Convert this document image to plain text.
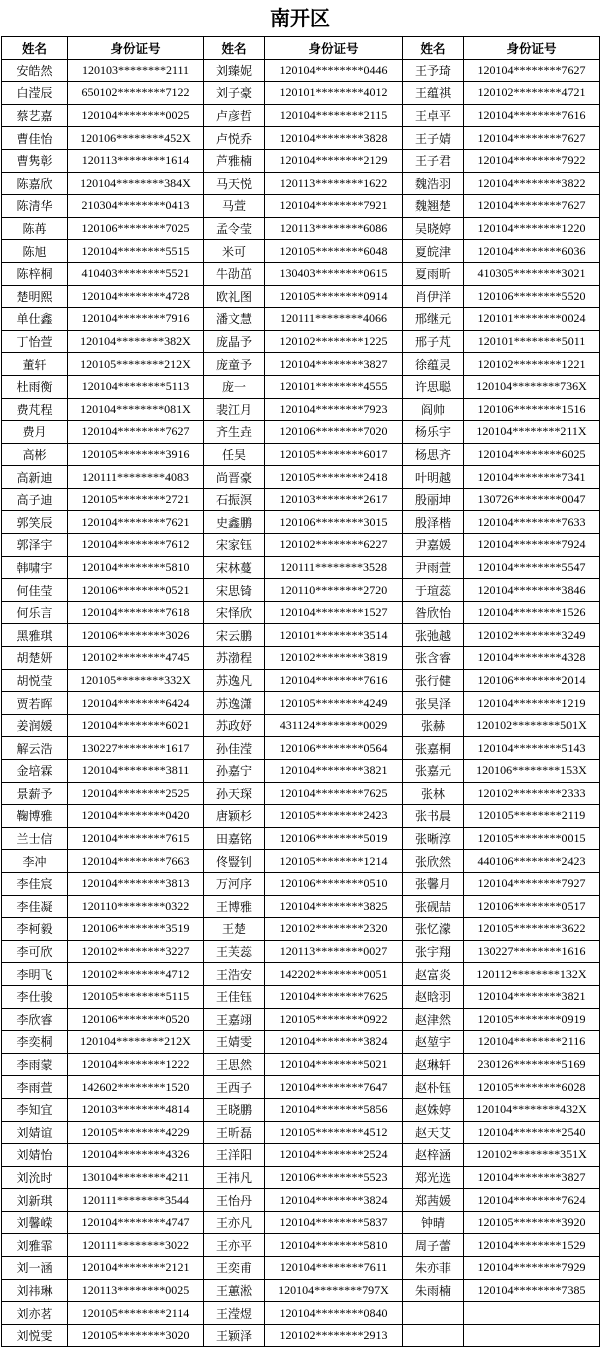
南开区
姓名	身份证号	姓名	身份证号	姓名	身份证号
安皓然	120103********2111	刘臻妮	120104********0446	王予琦	120104********7627
白滢辰	650102********7122	刘子豪	120101********4012	王蕴祺	120102********4721
蔡艺嘉	120104********0025	卢彦哲	120104********2115	王卓平	120104********7616
曹佳怡	120106********452X	卢悦乔	120104********3828	王子婧	120104********7627
曹隽彰	120113********1614	芦雅楠	120104********2129	王子君	120104********7922
陈嘉欣	120104********384X	马天悦	120113********1622	魏浩羽	120104********3822
陈清华	210304********0413	马萱	120104********7921	魏翘楚	120104********7627
陈苒	120106********7025	孟令莹	120113********6086	吴晓婷	120104********1220
陈旭	120104********5515	米可	120105********6048	夏皖津	120104********6036
陈梓桐	410403********5521	牛劭茁	130403********0615	夏雨昕	410305********3021
楚明熙	120104********4728	欧礼图	120105********0914	肖伊洋	120106********5520
单仕鑫	120104********7916	潘文慧	120111********4066	邢继元	120101********0024
丁怡萱	120104********382X	庞晶予	120102********1225	邢子芃	120101********5011
董轩	120105********212X	庞童予	120104********3827	徐蕴灵	120102********1221
杜雨衡	120104********5113	庞一	120101********4555	许思聪	120104********736X
费芃程	120104********081X	裴江月	120104********7923	阎帅	120106********1516
费月	120104********7627	齐生垚	120106********7020	杨乐宇	120104********211X
高彬	120105********3916	任昊	120105********6017	杨思齐	120104********6025
高新迪	120111********4083	尚晋豪	120105********2418	叶明越	120104********7341
高子迪	120105********2721	石振溟	120103********2617	殷丽坤	130726********0047
郭笑辰	120104********7621	史鑫鹏	120106********3015	殷泽楷	120104********7633
郭泽宇	120104********7612	宋家钰	120102********6227	尹嘉媛	120104********7924
韩啸宇	120104********5810	宋林蔓	120111********3528	尹雨萱	120104********5547
何佳莹	120106********0521	宋思锜	120110********2720	于瑄蕊	120104********3846
何乐言	120104********7618	宋怿欣	120104********1527	昝欣怡	120104********1526
黑雅琪	120106********3026	宋云鹏	120101********3514	张弛越	120102********3249
胡楚妍	120102********4745	苏渤程	120102********3819	张含睿	120104********4328
胡悦莹	120105********332X	苏逸凡	120104********7616	张行健	120106********2014
贾若晖	120104********6424	苏逸潇	120105********4249	张昊泽	120104********1219
姜润媛	120104********6021	苏政妤	431124********0029	张赫	120102********501X
解云浩	130227********1617	孙佳滢	120106********0564	张嘉桐	120104********5143
金培霖	120104********3811	孙嘉宁	120104********3821	张嘉元	120106********153X
景薪予	120104********2525	孙天琛	120104********7625	张林	120102********2333
鞠博雅	120104********0420	唐颖杉	120105********2423	张书晨	120105********2119
兰士信	120104********7615	田嘉铭	120106********5019	张晰淳	120105********0015
李冲	120104********7663	佟豎钊	120105********1214	张欣然	440106********2423
李佳宸	120104********3813	万河序	120106********0510	张馨月	120104********7927
李佳凝	120110********0322	王博雅	120104********3825	张砚喆	120106********0517
李柯毅	120106********3519	王楚	120102********2320	张忆濛	120105********3622
李可欣	120102********3227	王芙蕊	120113********0027	张宇翔	130227********1616
李明飞	120102********4712	王浩安	142202********0051	赵富炎	120112********132X
李仕骏	120105********5115	王佳钰	120104********7625	赵晗羽	120104********3821
李欣睿	120106********0520	王嘉翊	120105********0922	赵津然	120105********0919
李奕桐	120104********212X	王婧雯	120104********3824	赵堃宇	120104********2116
李雨蒙	120104********1222	王思然	120104********5021	赵琳轩	230126********5169
李雨萱	142602********1520	王西子	120104********7647	赵朴钰	120105********6028
李知宜	120103********4814	王晓鹏	120104********5856	赵姝婷	120104********432X
刘婧谊	120105********4229	王昕磊	120105********4512	赵天艾	120104********2540
刘婧怡	120104********4326	王洋阳	120104********2524	赵梓涵	120102********351X
刘沇时	130104********4211	王祎凡	120106********5523	郑光选	120104********3827
刘新琪	120111********3544	王怡丹	120104********3824	郑茜媛	120104********7624
刘馨嵘	120104********4747	王亦凡	120104********5837	钟晴	120105********3920
刘雅霏	120111********3022	王亦平	120104********5810	周子蕾	120104********1529
刘一涵	120104********2121	王奕甫	120104********7611	朱亦菲	120104********7929
刘祎琳	120113********0025	王蕙淞	120104********797X	朱雨楠	120104********7385
刘亦茗	120105********2114	王滢煜	120104********0840		
刘悦雯	120105********3020	王颖泽	120102********2913		
